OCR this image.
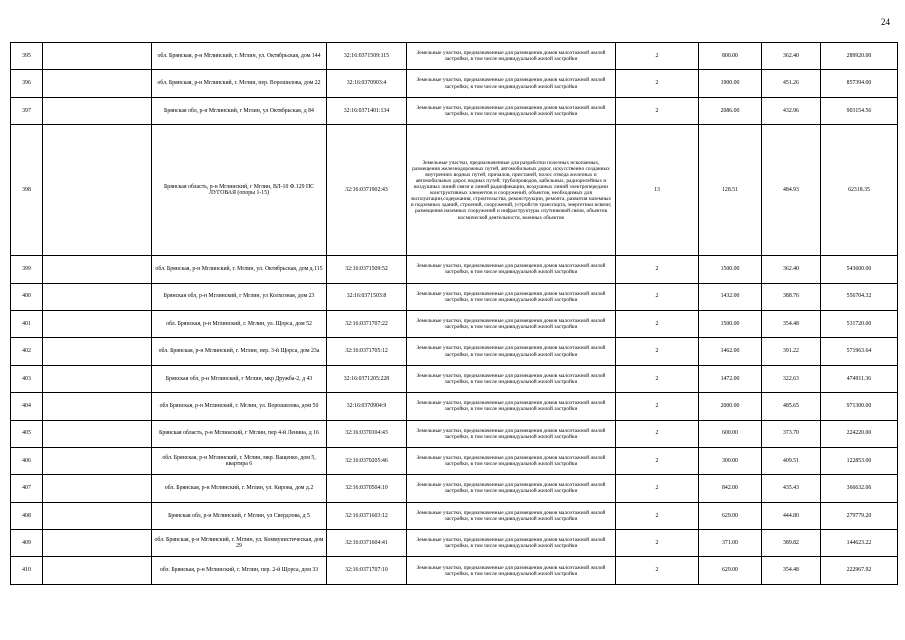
24
395		обл. Брянская, р-н Мглинский, г. Мглин, ул. Октябрьская, дом 144	32:16:0371509:115	Земельные участки, предназначенные для размещения домов малоэтажной жилой застройки, в том числе индивидуальной жилой застройки	2	800.00	362.40	289920.00
396		обл. Брянская, р-н Мглинский, г. Мглин, пер. Ворошилова, дом 22	32:16:0370903:4	Земельные участки, предназначенные для размещения домов малоэтажной жилой застройки, в том числе индивидуальной жилой застройки	2	1900.00	451.26	857394.00
397		Брянская обл, р-н Мглинский, г Мглин, ул Октябрьская, д 84	32:16:0371401:134	Земельные участки, предназначенные для размещения домов малоэтажной жилой застройки, в том числе индивидуальной жилой застройки	2	2086.00	432.96	903154.56
398		Брянская область, р-н Мглинский, г Мглин, ВЛ-10 Ф.129 ПС ЛУГОВАЯ (опоры 1-15)	32:16:0371902:43	Земельные участки, предназначенные для разработки полезных ископаемых, размещения железнодорожных путей, автомобильных дорог, искусственно созданных внутренних водных путей, причалов, пристаней, полос отвода железных и автомобильных дорог, водных путей, трубопроводов, кабельных, радиорелейных и воздушных линий связи и линий радиофикации, воздушных линий электропередачи конструктивных элементов и сооружений, объектов, необходимых для эксплуатации,содержания, строительства, реконструкции, ремонта, развития наземных и подземных зданий, строений, сооружений, устройств транспорта, энергетики исвязи; размещения наземных сооружений и инфраструктуры спутниковой связи, объектов космической деятельности, военных объектов	13	128.51	484.93	62318.35
399		обл. Брянская, р-н Мглинский, г. Мглин, ул. Октябрьская, дом д.115	32:16:0371509:52	Земельные участки, предназначенные для размещения домов малоэтажной жилой застройки, в том числе индивидуальной жилой застройки	2	1500.00	362.40	543600.00
400		Брянская обл, р-н Мглинский, г Мглин, ул Колхозная, дом 23	32:16:0371503:8	Земельные участки, предназначенные для размещения домов малоэтажной жилой застройки, в том числе индивидуальной жилой застройки	2	1432.00	388.76	556704.32
401		обл. Брянская, р-н Мглинский, г. Мглин, ул. Щорса, дом 52	32:16:0371707:22	Земельные участки, предназначенные для размещения домов малоэтажной жилой застройки, в том числе индивидуальной жилой застройки	2	1500.00	354.48	531720.00
402		обл. Брянская, р-н Мглинский, г. Мглин, пер. 3-й Щорса, дом 23а	32:16:0371705:12	Земельные участки, предназначенные для размещения домов малоэтажной жилой застройки, в том числе индивидуальной жилой застройки	2	1462.00	391.22	571963.64
403		Брянская обл, р-н Мглинский, г Мглин, мкр Дружба-2, д 43	32:16:0371205:228	Земельные участки, предназначенные для размещения домов малоэтажной жилой застройки, в том числе индивидуальной жилой застройки	2	1472.00	322.63	474911.36
404		обл Брянская, р-н Мглинский, г. Мглин, ул. Ворошилова, дом 50	32:16:0370904:9	Земельные участки, предназначенные для размещения домов малоэтажной жилой застройки, в том числе индивидуальной жилой застройки	2	2000.00	485.65	971300.00
405		Брянская область, р-н Мглинский, г Мглин, пер 4-й Ленина, д 16	32:16:0370104:43	Земельные участки, предназначенные для размещения домов малоэтажной жилой застройки, в том числе индивидуальной жилой застройки	2	600.00	373.70	224220.00
406		обл. Брянская, р-н Мглинский, г. Мглин, мкр. Ващенко, дом 5, квартира 6	32:16:0370205:46	Земельные участки, предназначенные для размещения домов малоэтажной жилой застройки, в том числе индивидуальной жилой застройки	2	300.00	409.51	122853.00
407		обл. Брянская, р-н Мглинский, г. Мглин, ул. Кирова, дом д.2	32:16:0370504:10	Земельные участки, предназначенные для размещения домов малоэтажной жилой застройки, в том числе индивидуальной жилой застройки	2	842.00	435.43	366632.06
408		Брянская обл, р-н Мглинский, г Мглин, ул Свердлова, д 5	32:16:0371603:12	Земельные участки, предназначенные для размещения домов малоэтажной жилой застройки, в том числе индивидуальной жилой застройки	2	629.00	444.80	279779.20
409		обл. Брянская, р-н Мглинский, г. Мглин, ул. Коммунистическая, дом 29	32:16:0371604:41	Земельные участки, предназначенные для размещения домов малоэтажной жилой застройки, в том числе индивидуальной жилой застройки	2	371.00	389.82	144623.22
410		обл. Брянская, р-н Мглинский, г. Мглин, пер. 2-й Щорса, дом 33	32:16:0371707:10	Земельные участки, предназначенные для размещения домов малоэтажной жилой застройки, в том числе индивидуальной жилой застройки	2	629.00	354.48	222967.92
